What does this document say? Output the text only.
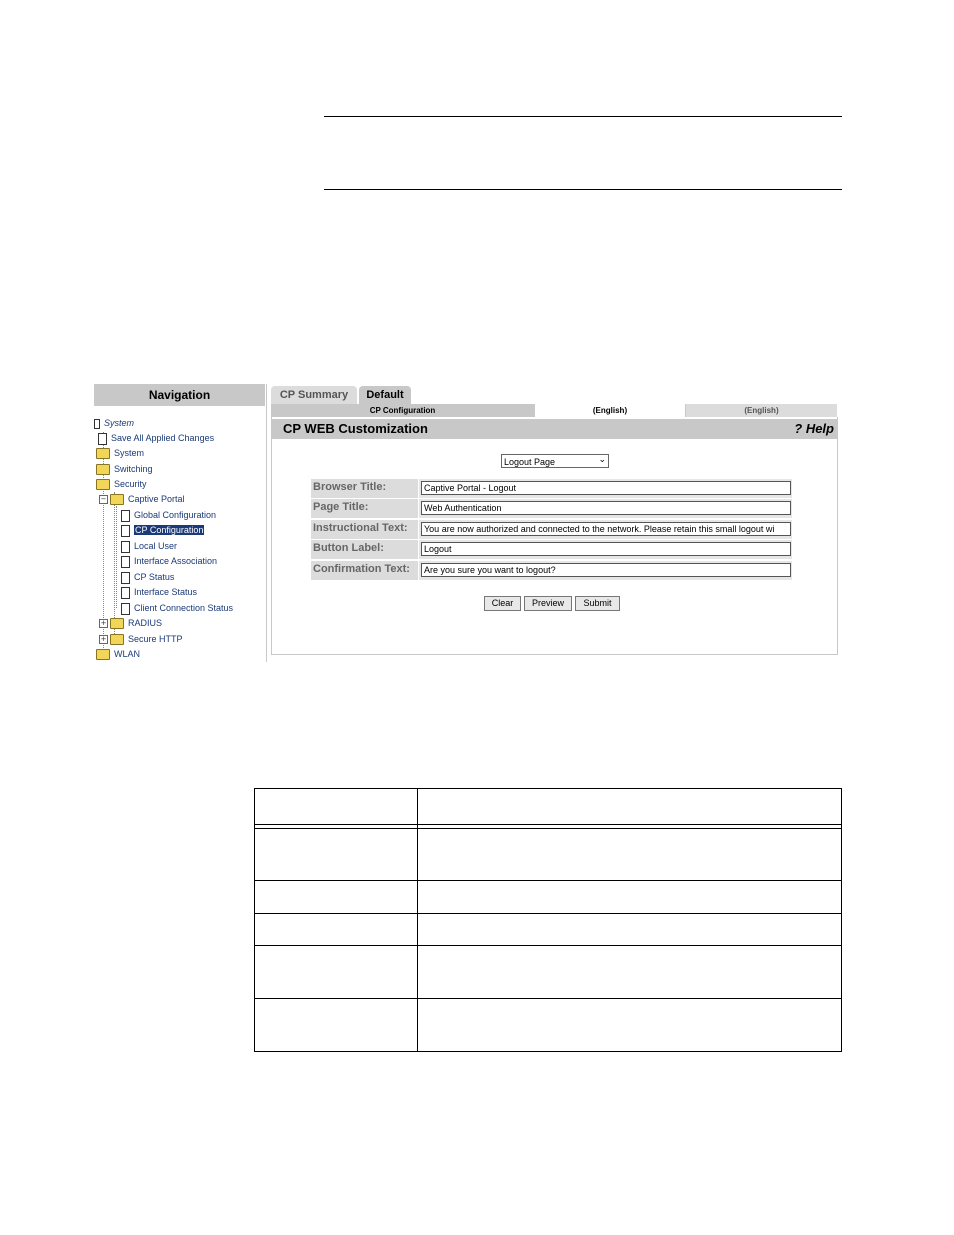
Navigation
System
Save All Applied Changes
System
Switching
Security
− Captive Portal
Global Configuration
CP Configuration
Local User
Interface Association
CP Status
Interface Status
Client Connection Status
+ RADIUS
+ Secure HTTP
WLAN
CP Summary	Default
CP Configuration	(English)	(English)
CP WEB Customization	? Help
Logout Page	⌄
Browser Title:	Captive Portal - Logout
Page Title:	Web Authentication
Instructional Text:	You are now authorized and connected to the network. Please retain this small logout wi
Button Label:	Logout
Confirmation Text:	Are you sure you want to logout?
Clear	Preview	Submit
